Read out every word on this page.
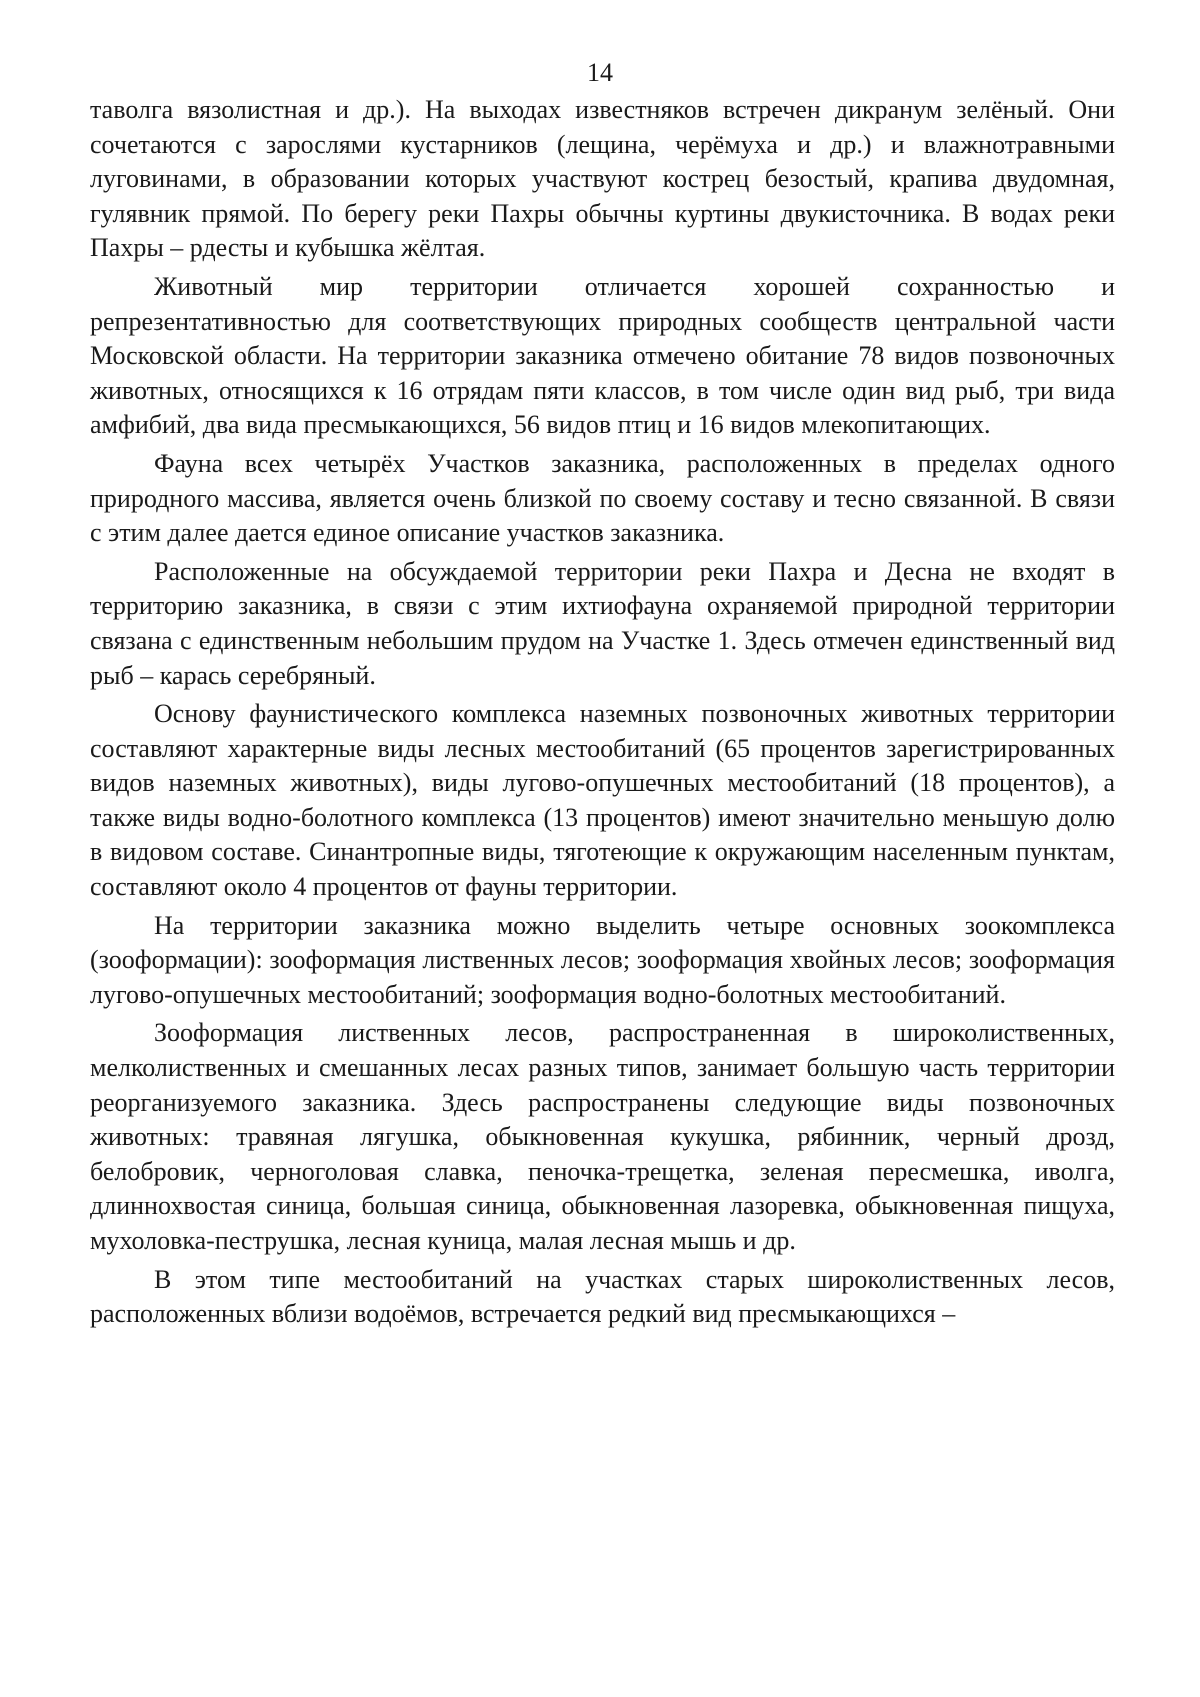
14

таволга вязолистная и др.). На выходах известняков встречен дикранум зелёный. Они сочетаются с зарослями кустарников (лещина, черёмуха и др.) и влажнотравными луговинами, в образовании которых участвуют кострец безостый, крапива двудомная, гулявник прямой. По берегу реки Пахры обычны куртины двукисточника. В водах реки Пахры – рдесты и кубышка жёлтая.

Животный мир территории отличается хорошей сохранностью и репрезентативностью для соответствующих природных сообществ центральной части Московской области. На территории заказника отмечено обитание 78 видов позвоночных животных, относящихся к 16 отрядам пяти классов, в том числе один вид рыб, три вида амфибий, два вида пресмыкающихся, 56 видов птиц и 16 видов млекопитающих.

Фауна всех четырёх Участков заказника, расположенных в пределах одного природного массива, является очень близкой по своему составу и тесно связанной. В связи с этим далее дается единое описание участков заказника.

Расположенные на обсуждаемой территории реки Пахра и Десна не входят в территорию заказника, в связи с этим ихтиофауна охраняемой природной территории связана с единственным небольшим прудом на Участке 1. Здесь отмечен единственный вид рыб – карась серебряный.

Основу фаунистического комплекса наземных позвоночных животных территории составляют характерные виды лесных местообитаний (65 процентов зарегистрированных видов наземных животных), виды лугово-опушечных местообитаний (18 процентов), а также виды водно-болотного комплекса (13 процентов) имеют значительно меньшую долю в видовом составе. Синантропные виды, тяготеющие к окружающим населенным пунктам, составляют около 4 процентов от фауны территории.

На территории заказника можно выделить четыре основных зоокомплекса (зооформации): зооформация лиственных лесов; зооформация хвойных лесов; зооформация лугово-опушечных местообитаний; зооформация водно-болотных местообитаний.

Зооформация лиственных лесов, распространенная в широколиственных, мелколиственных и смешанных лесах разных типов, занимает большую часть территории реорганизуемого заказника. Здесь распространены следующие виды позвоночных животных: травяная лягушка, обыкновенная кукушка, рябинник, черный дрозд, белобровик, черноголовая славка, пеночка-трещетка, зеленая пересмешка, иволга, длиннохвостая синица, большая синица, обыкновенная лазоревка, обыкновенная пищуха, мухоловка-пеструшка, лесная куница, малая лесная мышь и др.

В этом типе местообитаний на участках старых широколиственных лесов, расположенных вблизи водоёмов, встречается редкий вид пресмыкающихся –
